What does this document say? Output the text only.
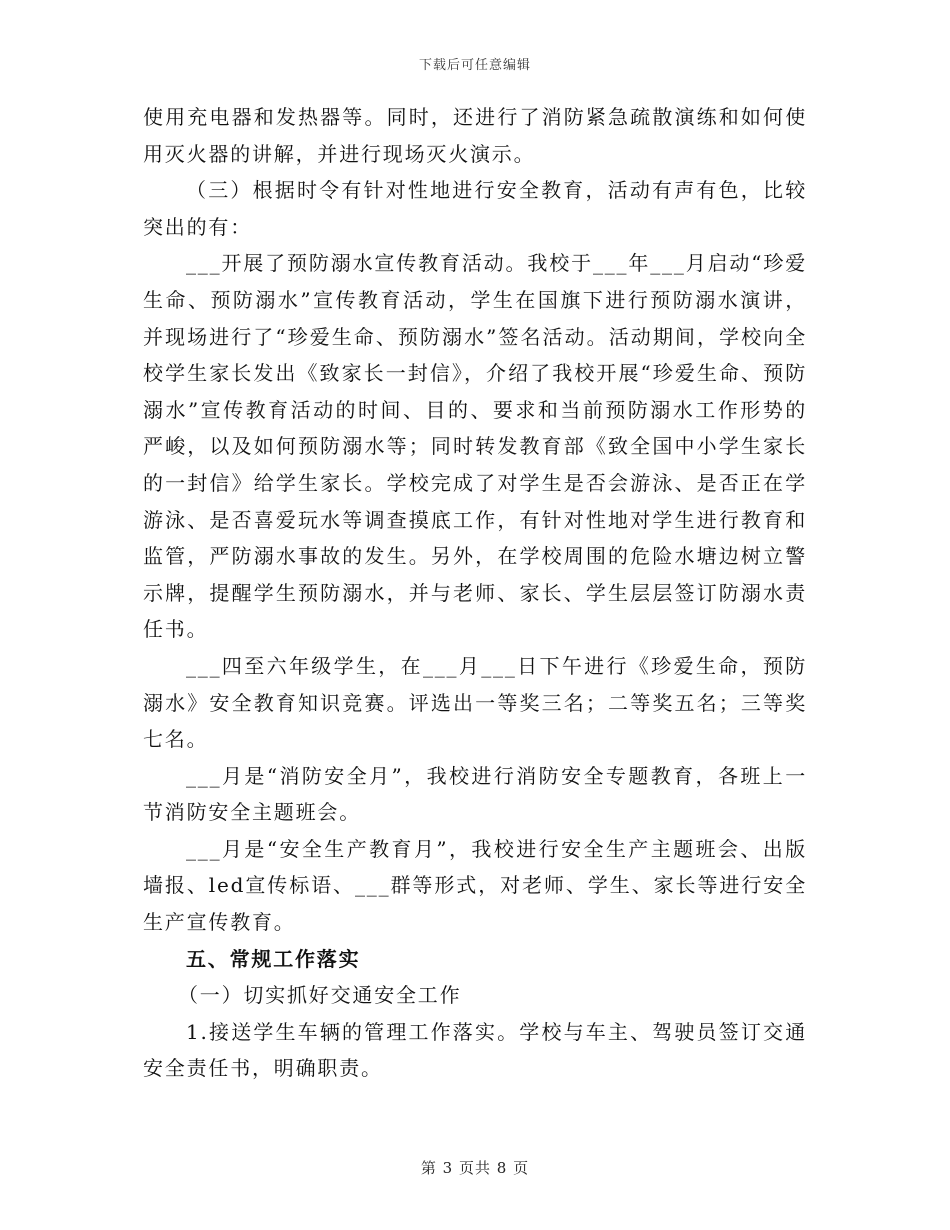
下载后可任意编辑

使用充电器和发热器等。同时，还进行了消防紧急疏散演练和如何使用灭火器的讲解，并进行现场灭火演示。

（三）根据时令有针对性地进行安全教育，活动有声有色，比较突出的有：

___开展了预防溺水宣传教育活动。我校于___年___月启动“珍爱生命、预防溺水”宣传教育活动，学生在国旗下进行预防溺水演讲，并现场进行了“珍爱生命、预防溺水”签名活动。活动期间，学校向全校学生家长发出《致家长一封信》，介绍了我校开展“珍爱生命、预防溺水”宣传教育活动的时间、目的、要求和当前预防溺水工作形势的严峻，以及如何预防溺水等；同时转发教育部《致全国中小学生家长的一封信》给学生家长。学校完成了对学生是否会游泳、是否正在学游泳、是否喜爱玩水等调查摸底工作，有针对性地对学生进行教育和监管，严防溺水事故的发生。另外，在学校周围的危险水塘边树立警示牌，提醒学生预防溺水，并与老师、家长、学生层层签订防溺水责任书。

___四至六年级学生，在___月___日下午进行《珍爱生命，预防溺水》安全教育知识竞赛。评选出一等奖三名；二等奖五名；三等奖七名。

___月是“消防安全月”，我校进行消防安全专题教育，各班上一节消防安全主题班会。

___月是“安全生产教育月”，我校进行安全生产主题班会、出版墙报、led宣传标语、___群等形式，对老师、学生、家长等进行安全生产宣传教育。

五、常规工作落实

（一）切实抓好交通安全工作

1.接送学生车辆的管理工作落实。学校与车主、驾驶员签订交通安全责任书，明确职责。

第 3 页共 8 页
